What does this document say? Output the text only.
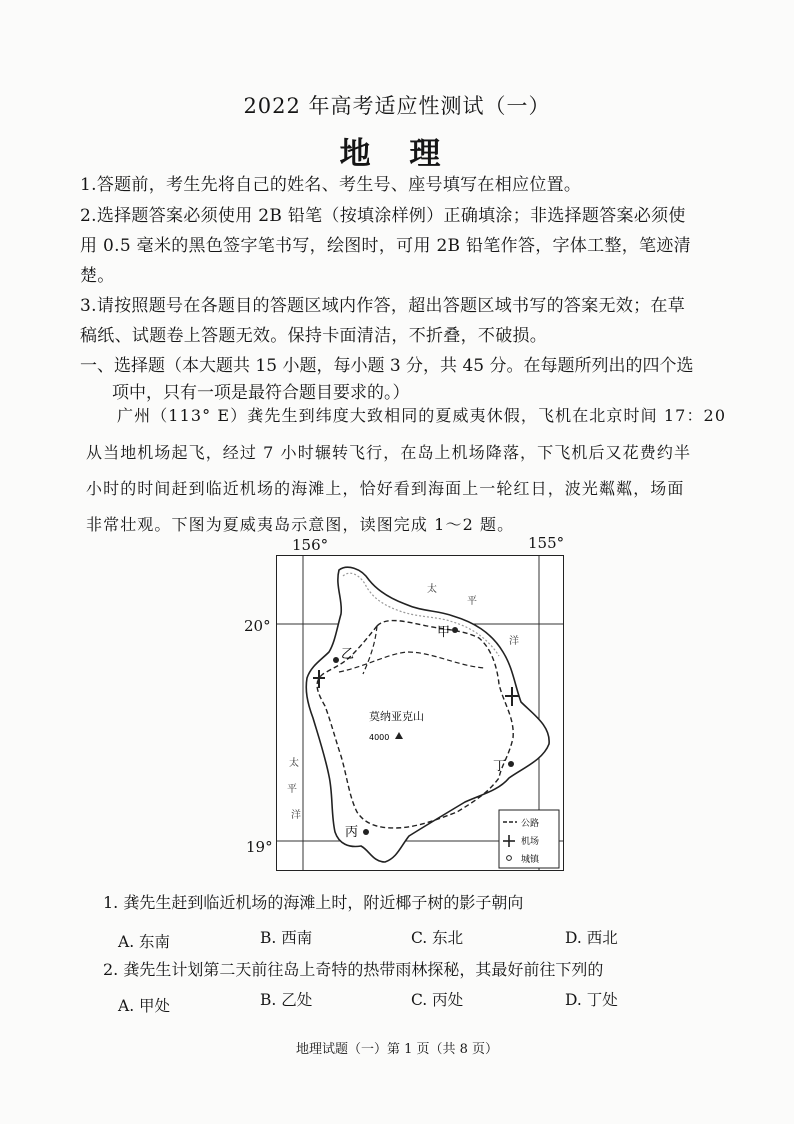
2022 年高考适应性测试（一）
地 理
1.答题前，考生先将自己的姓名、考生号、座号填写在相应位置。
2.选择题答案必须使用 2B 铅笔（按填涂样例）正确填涂；非选择题答案必须使
用 0.5 毫米的黑色签字笔书写，绘图时，可用 2B 铅笔作答，字体工整，笔迹清
楚。
3.请按照题号在各题目的答题区域内作答，超出答题区域书写的答案无效；在草
稿纸、试题卷上答题无效。保持卡面清洁，不折叠，不破损。
一、选择题（本大题共 15 小题，每小题 3 分，共 45 分。在每题所列出的四个选
项中，只有一项是最符合题目要求的。）
广州（113° E）龚先生到纬度大致相同的夏威夷休假，飞机在北京时间 17：20
从当地机场起飞，经过 7 小时辗转飞行，在岛上机场降落，下飞机后又花费约半
小时的时间赶到临近机场的海滩上，恰好看到海面上一轮红日，波光粼粼，场面
非常壮观。下图为夏威夷岛示意图，读图完成 1～2 题。
156°	155°
20°
19°
莫纳亚克山
4000
甲
乙
丙
丁
太
平
洋
太
平
洋
公路
机场
城镇
1. 龚先生赶到临近机场的海滩上时，附近椰子树的影子朝向
A. 东南	B. 西南	C. 东北	D. 西北
2. 龚先生计划第二天前往岛上奇特的热带雨林探秘，其最好前往下列的
A. 甲处	B. 乙处	C. 丙处	D. 丁处
地理试题（一）第 1 页（共 8 页）
